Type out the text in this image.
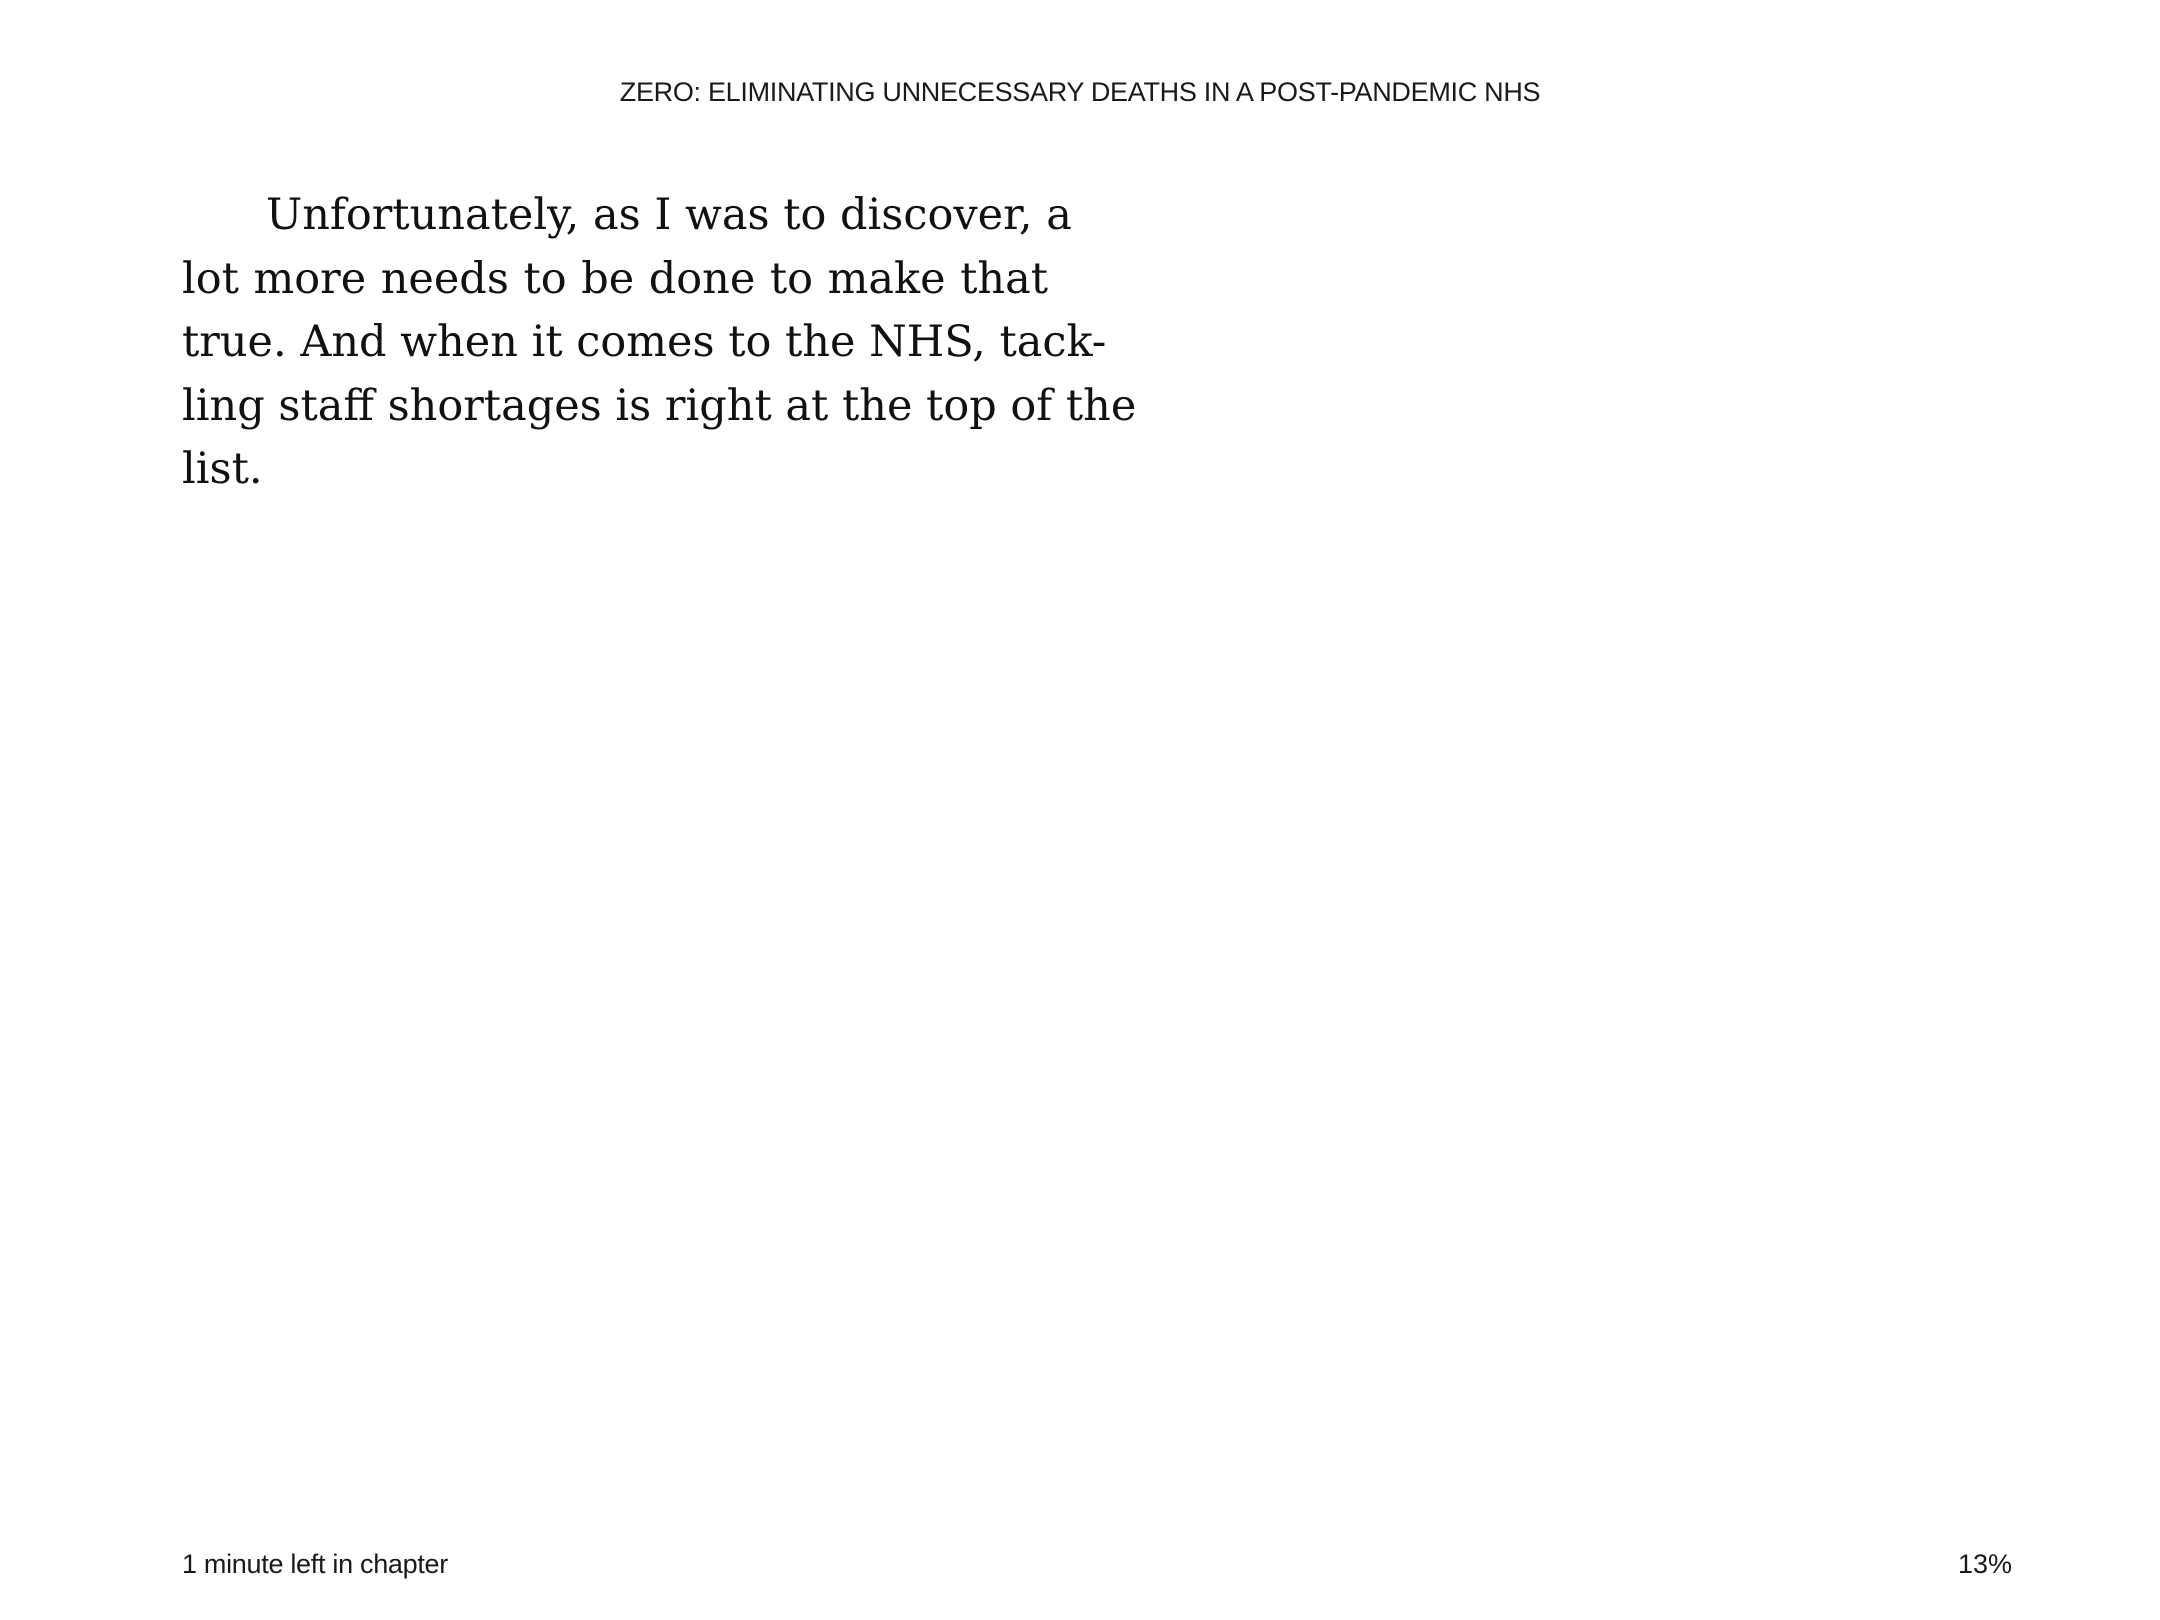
ZERO: ELIMINATING UNNECESSARY DEATHS IN A POST-PANDEMIC NHS

Unfortunately, as I was to discover, a
lot more needs to be done to make that
true. And when it comes to the NHS, tack-
ling staff shortages is right at the top of the
list.

1 minute left in chapter	13%
